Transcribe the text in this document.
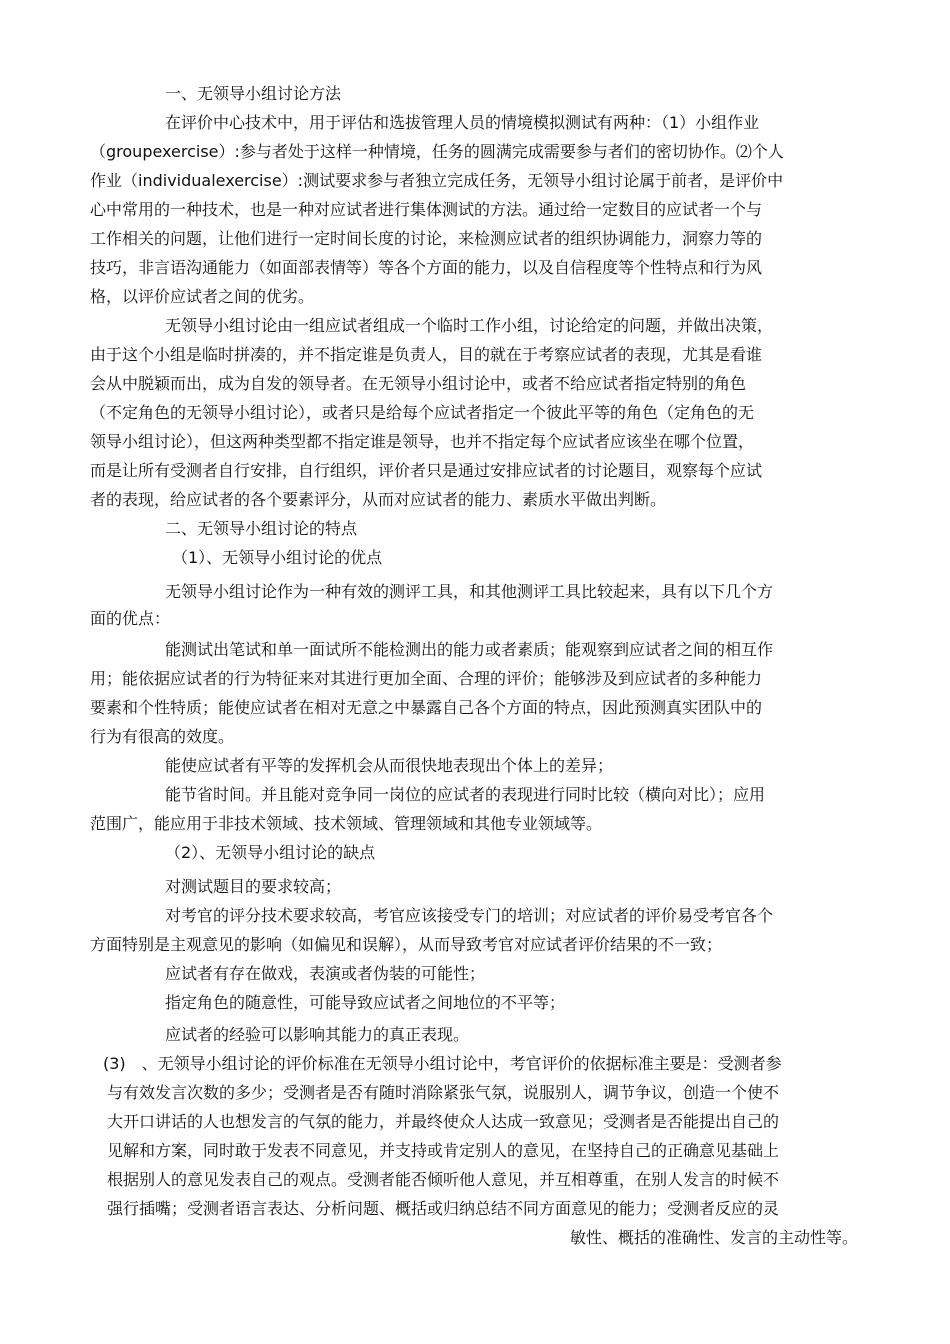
一、无领导小组讨论方法
在评价中心技术中，用于评估和选拔管理人员的情境模拟测试有两种：（1）小组作业
（groupexercise）:参与者处于这样一种情境，任务的圆满完成需要参与者们的密切协作。⑵个人
作业（individualexercise）:测试要求参与者独立完成任务，无领导小组讨论属于前者，是评价中
心中常用的一种技术，也是一种对应试者进行集体测试的方法。通过给一定数目的应试者一个与
工作相关的问题，让他们进行一定时间长度的讨论，来检测应试者的组织协调能力，洞察力等的
技巧，非言语沟通能力（如面部表情等）等各个方面的能力，以及自信程度等个性特点和行为风
格，以评价应试者之间的优劣。
无领导小组讨论由一组应试者组成一个临时工作小组，讨论给定的问题，并做出决策，
由于这个小组是临时拼凑的，并不指定谁是负责人，目的就在于考察应试者的表现，尤其是看谁
会从中脱颖而出，成为自发的领导者。在无领导小组讨论中，或者不给应试者指定特别的角色
（不定角色的无领导小组讨论），或者只是给每个应试者指定一个彼此平等的角色（定角色的无
领导小组讨论），但这两种类型都不指定谁是领导，也并不指定每个应试者应该坐在哪个位置，
而是让所有受测者自行安排，自行组织，评价者只是通过安排应试者的讨论题目，观察每个应试
者的表现，给应试者的各个要素评分，从而对应试者的能力、素质水平做出判断。
二、无领导小组讨论的特点
（1）、无领导小组讨论的优点
无领导小组讨论作为一种有效的测评工具，和其他测评工具比较起来，具有以下几个方
面的优点：
能测试出笔试和单一面试所不能检测出的能力或者素质；能观察到应试者之间的相互作
用；能依据应试者的行为特征来对其进行更加全面、合理的评价；能够涉及到应试者的多种能力
要素和个性特质；能使应试者在相对无意之中暴露自己各个方面的特点，因此预测真实团队中的
行为有很高的效度。
能使应试者有平等的发挥机会从而很快地表现出个体上的差异；
能节省时间。并且能对竞争同一岗位的应试者的表现进行同时比较（横向对比）；应用
范围广，能应用于非技术领域、技术领域、管理领域和其他专业领域等。
（2）、无领导小组讨论的缺点
对测试题目的要求较高；
对考官的评分技术要求较高，考官应该接受专门的培训；对应试者的评价易受考官各个
方面特别是主观意见的影响（如偏见和误解），从而导致考官对应试者评价结果的不一致；
应试者有存在做戏，表演或者伪装的可能性；
指定角色的随意性，可能导致应试者之间地位的不平等；
应试者的经验可以影响其能力的真正表现。
(3)　、无领导小组讨论的评价标准在无领导小组讨论中，考官评价的依据标准主要是：受测者参
与有效发言次数的多少；受测者是否有随时消除紧张气氛，说服别人，调节争议，创造一个使不
大开口讲话的人也想发言的气氛的能力，并最终使众人达成一致意见；受测者是否能提出自己的
见解和方案，同时敢于发表不同意见，并支持或肯定别人的意见，在坚持自己的正确意见基础上
根据别人的意见发表自己的观点。受测者能否倾听他人意见，并互相尊重，在别人发言的时候不
强行插嘴；受测者语言表达、分析问题、概括或归纳总结不同方面意见的能力；受测者反应的灵
敏性、概括的准确性、发言的主动性等。
